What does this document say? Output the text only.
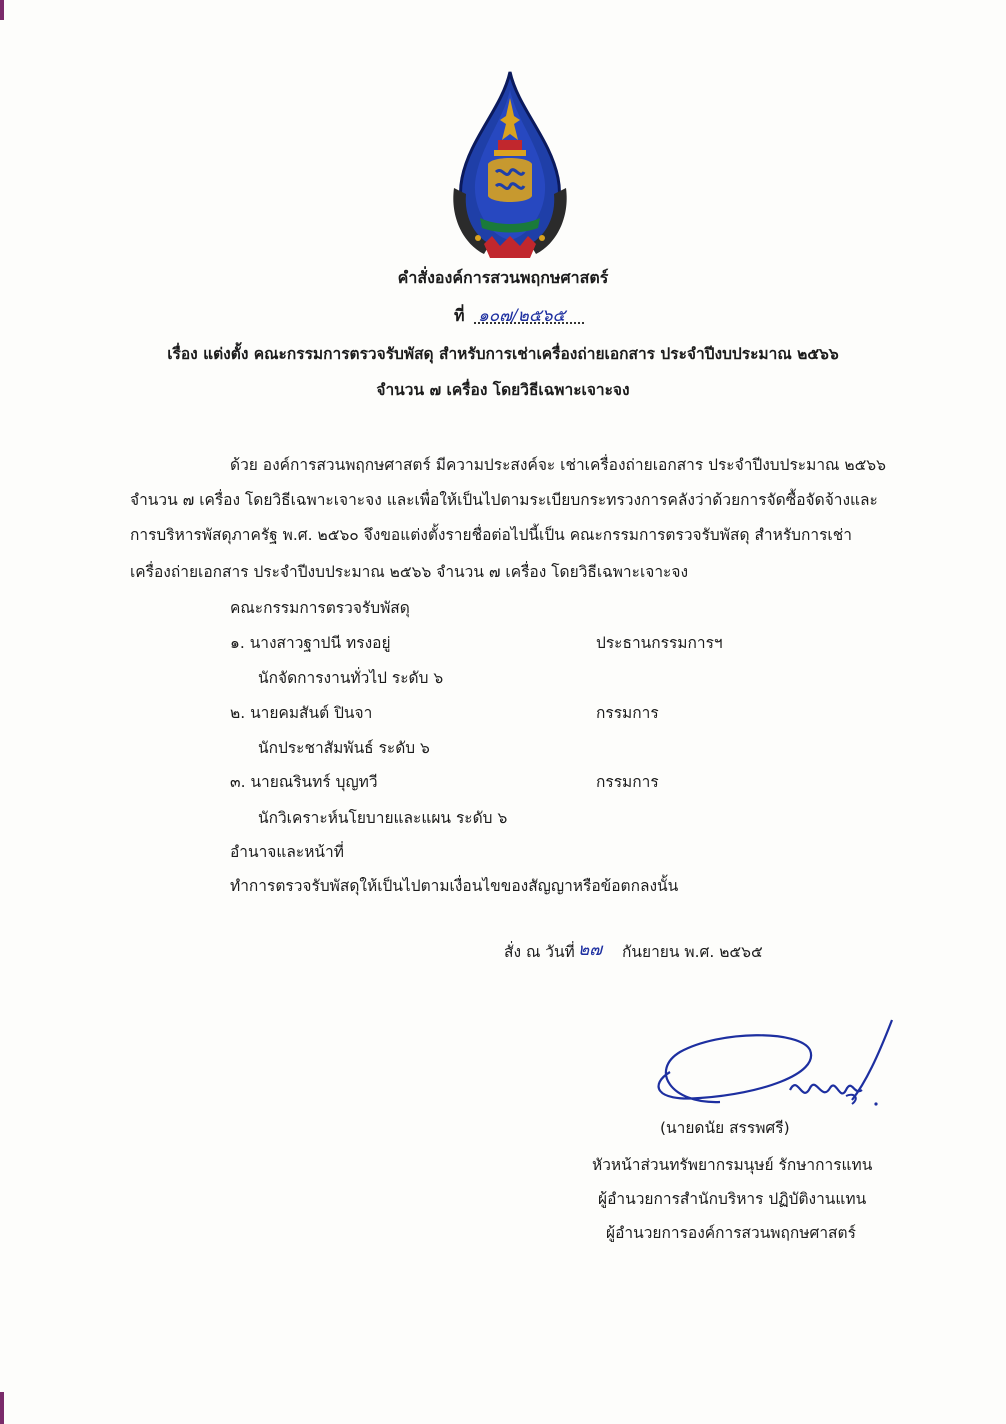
คำสั่งองค์การสวนพฤกษศาสตร์
ที่ ๑๐๗/๒๕๖๕
เรื่อง แต่งตั้ง คณะกรรมการตรวจรับพัสดุ สำหรับการเช่าเครื่องถ่ายเอกสาร ประจำปีงบประมาณ ๒๕๖๖
จำนวน ๗ เครื่อง โดยวิธีเฉพาะเจาะจง
ด้วย องค์การสวนพฤกษศาสตร์ มีความประสงค์จะ เช่าเครื่องถ่ายเอกสาร ประจำปีงบประมาณ ๒๕๖๖
จำนวน ๗ เครื่อง โดยวิธีเฉพาะเจาะจง และเพื่อให้เป็นไปตามระเบียบกระทรวงการคลังว่าด้วยการจัดซื้อจัดจ้างและ
การบริหารพัสดุภาครัฐ พ.ศ. ๒๕๖๐ จึงขอแต่งตั้งรายชื่อต่อไปนี้เป็น คณะกรรมการตรวจรับพัสดุ สำหรับการเช่า
เครื่องถ่ายเอกสาร ประจำปีงบประมาณ ๒๕๖๖ จำนวน ๗ เครื่อง โดยวิธีเฉพาะเจาะจง
คณะกรรมการตรวจรับพัสดุ
๑. นางสาวฐาปนี ทรงอยู่	ประธานกรรมการฯ
นักจัดการงานทั่วไป ระดับ ๖
๒. นายคมสันต์ ปินจา	กรรมการ
นักประชาสัมพันธ์ ระดับ ๖
๓. นายณรินทร์ บุญทวี	กรรมการ
นักวิเคราะห์นโยบายและแผน ระดับ ๖
อำนาจและหน้าที่
ทำการตรวจรับพัสดุให้เป็นไปตามเงื่อนไขของสัญญาหรือข้อตกลงนั้น
สั่ง ณ วันที่ ๒๗ กันยายน พ.ศ. ๒๕๖๕
(นายดนัย สรรพศรี)
หัวหน้าส่วนทรัพยากรมนุษย์ รักษาการแทน
ผู้อำนวยการสำนักบริหาร ปฏิบัติงานแทน
ผู้อำนวยการองค์การสวนพฤกษศาสตร์
